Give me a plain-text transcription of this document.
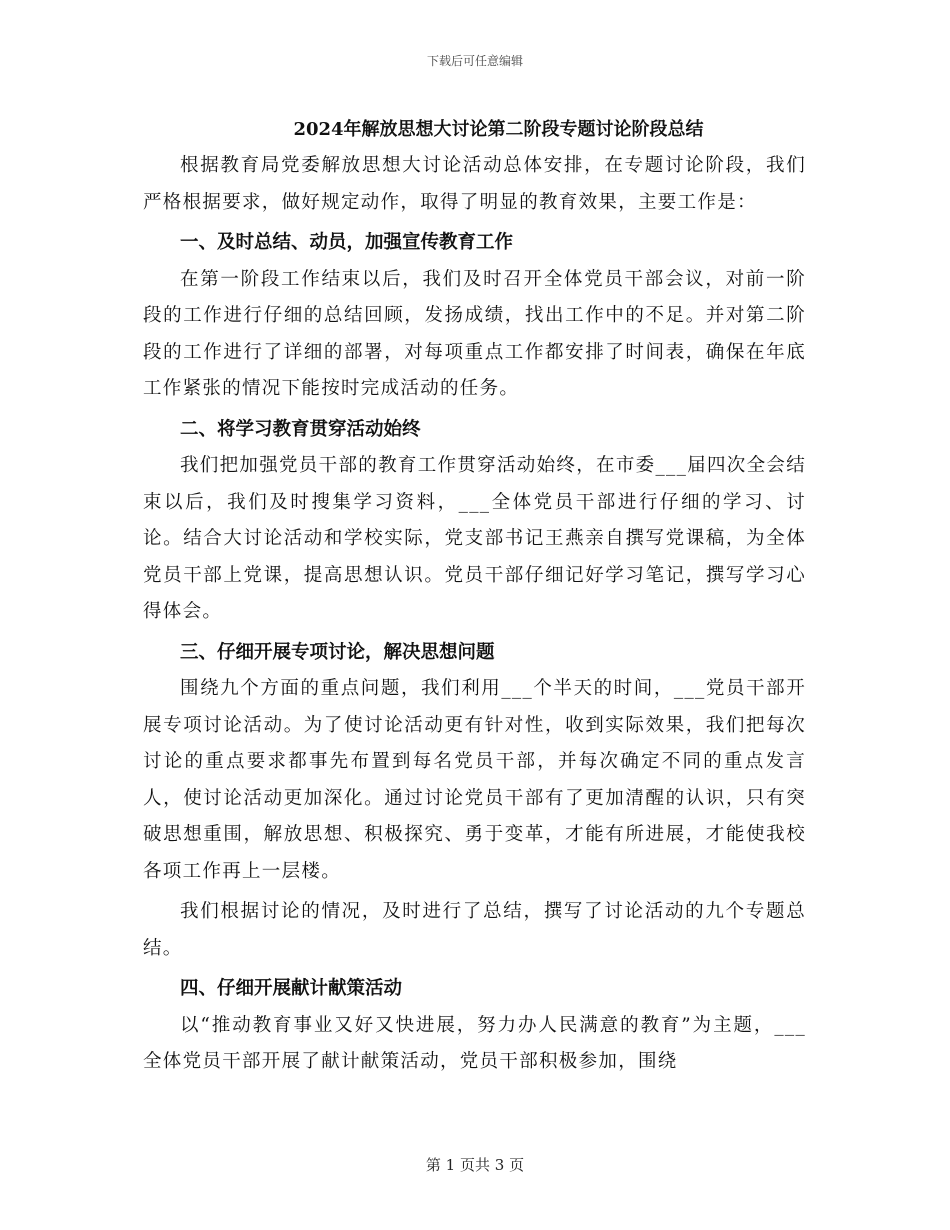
下载后可任意编辑
2024年解放思想大讨论第二阶段专题讨论阶段总结

根据教育局党委解放思想大讨论活动总体安排，在专题讨论阶段，我们严格根据要求，做好规定动作，取得了明显的教育效果，主要工作是：

一、及时总结、动员，加强宣传教育工作

在第一阶段工作结束以后，我们及时召开全体党员干部会议，对前一阶段的工作进行仔细的总结回顾，发扬成绩，找出工作中的不足。并对第二阶段的工作进行了详细的部署，对每项重点工作都安排了时间表，确保在年底工作紧张的情况下能按时完成活动的任务。

二、将学习教育贯穿活动始终

我们把加强党员干部的教育工作贯穿活动始终，在市委___届四次全会结束以后，我们及时搜集学习资料，___全体党员干部进行仔细的学习、讨论。结合大讨论活动和学校实际，党支部书记王燕亲自撰写党课稿，为全体党员干部上党课，提高思想认识。党员干部仔细记好学习笔记，撰写学习心得体会。

三、仔细开展专项讨论，解决思想问题

围绕九个方面的重点问题，我们利用___个半天的时间，___党员干部开展专项讨论活动。为了使讨论活动更有针对性，收到实际效果，我们把每次讨论的重点要求都事先布置到每名党员干部，并每次确定不同的重点发言人，使讨论活动更加深化。通过讨论党员干部有了更加清醒的认识，只有突破思想重围，解放思想、积极探究、勇于变革，才能有所进展，才能使我校各项工作再上一层楼。

我们根据讨论的情况，及时进行了总结，撰写了讨论活动的九个专题总结。

四、仔细开展献计献策活动

以“推动教育事业又好又快进展，努力办人民满意的教育”为主题，___全体党员干部开展了献计献策活动，党员干部积极参加，围绕

第 1 页共 3 页
